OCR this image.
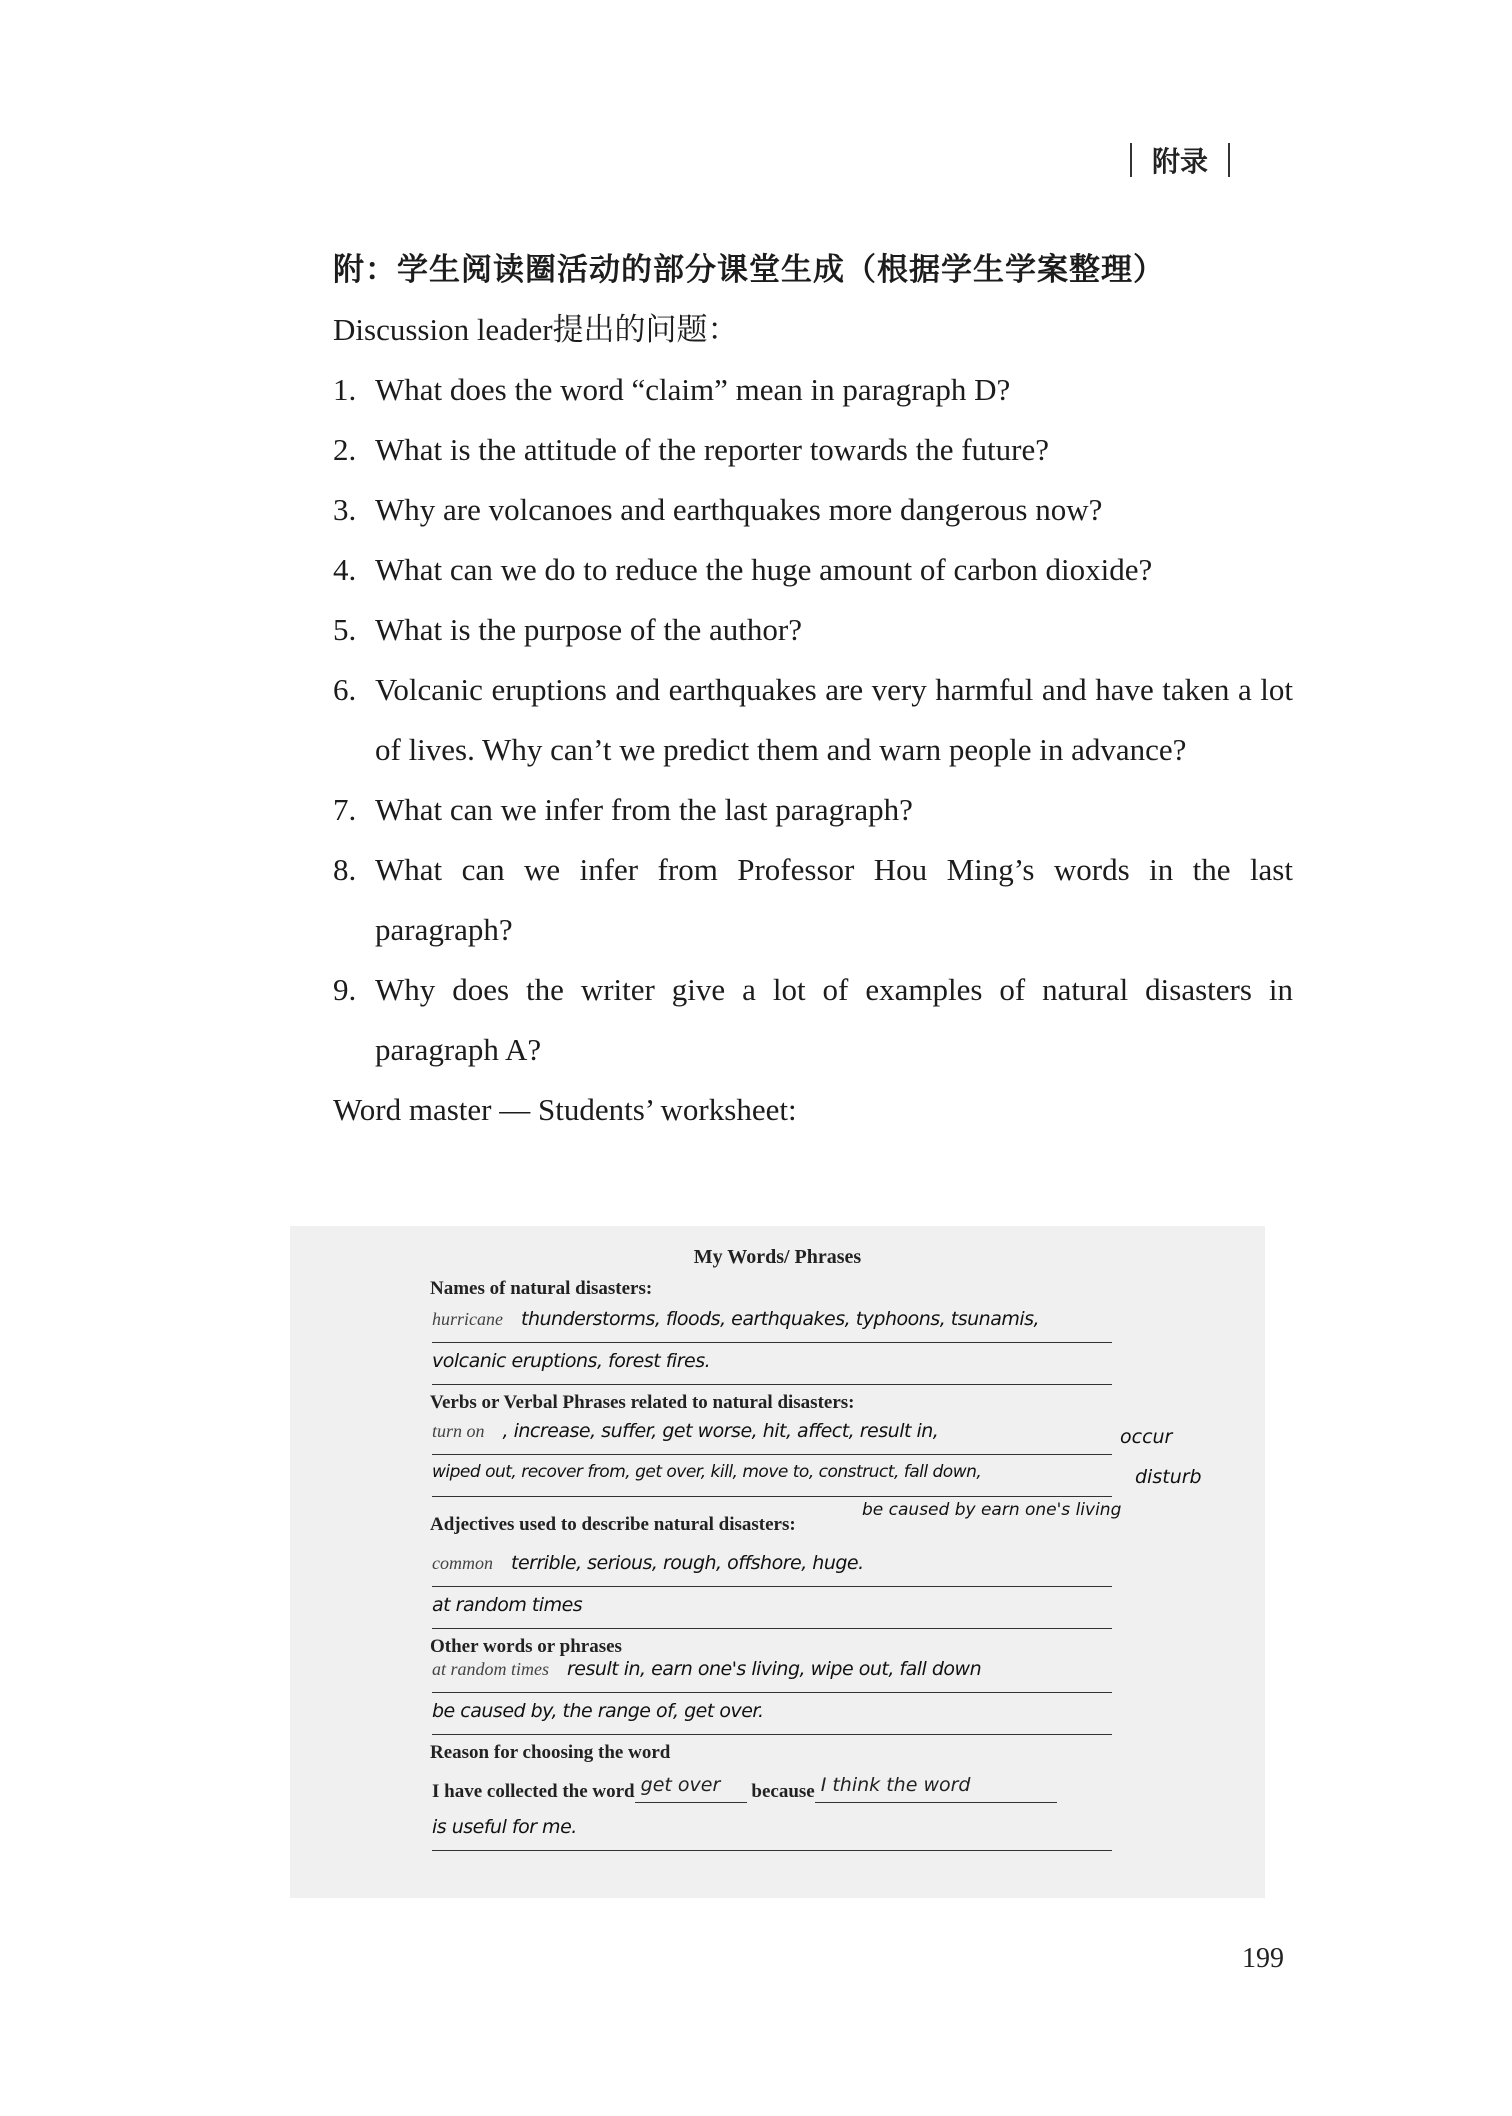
附录
附：学生阅读圈活动的部分课堂生成（根据学生学案整理）
Discussion leader提出的问题：
1. What does the word “claim” mean in paragraph D?
2. What is the attitude of the reporter towards the future?
3. Why are volcanoes and earthquakes more dangerous now?
4. What can we do to reduce the huge amount of carbon dioxide?
5. What is the purpose of the author?
6. Volcanic eruptions and earthquakes are very harmful and have taken a lot of lives. Why can’t we predict them and warn people in advance?
7. What can we infer from the last paragraph?
8. What can we infer from Professor Hou Ming’s words in the last paragraph?
9. Why does the writer give a lot of examples of natural disasters in paragraph A?
Word master — Students’ worksheet:
My Words/ Phrases
Names of natural disasters:
hurricane thunderstorms, floods, earthquakes, typhoons, tsunamis,
volcanic eruptions, forest fires.
Verbs or Verbal Phrases related to natural disasters:
turn on , increase, suffer, get worse, hit, affect, result in,	occur
wiped out, recover from, get over, kill, move to, construct, fall down,	disturb
be caused by earn one's living
Adjectives used to describe natural disasters:
common terrible, serious, rough, offshore, huge.
at random times
Other words or phrases
at random times result in, earn one's living, wipe out, fall down
be caused by, the range of, get over.
Reason for choosing the word
I have collected the word get over because I think the word
is useful for me.
199
